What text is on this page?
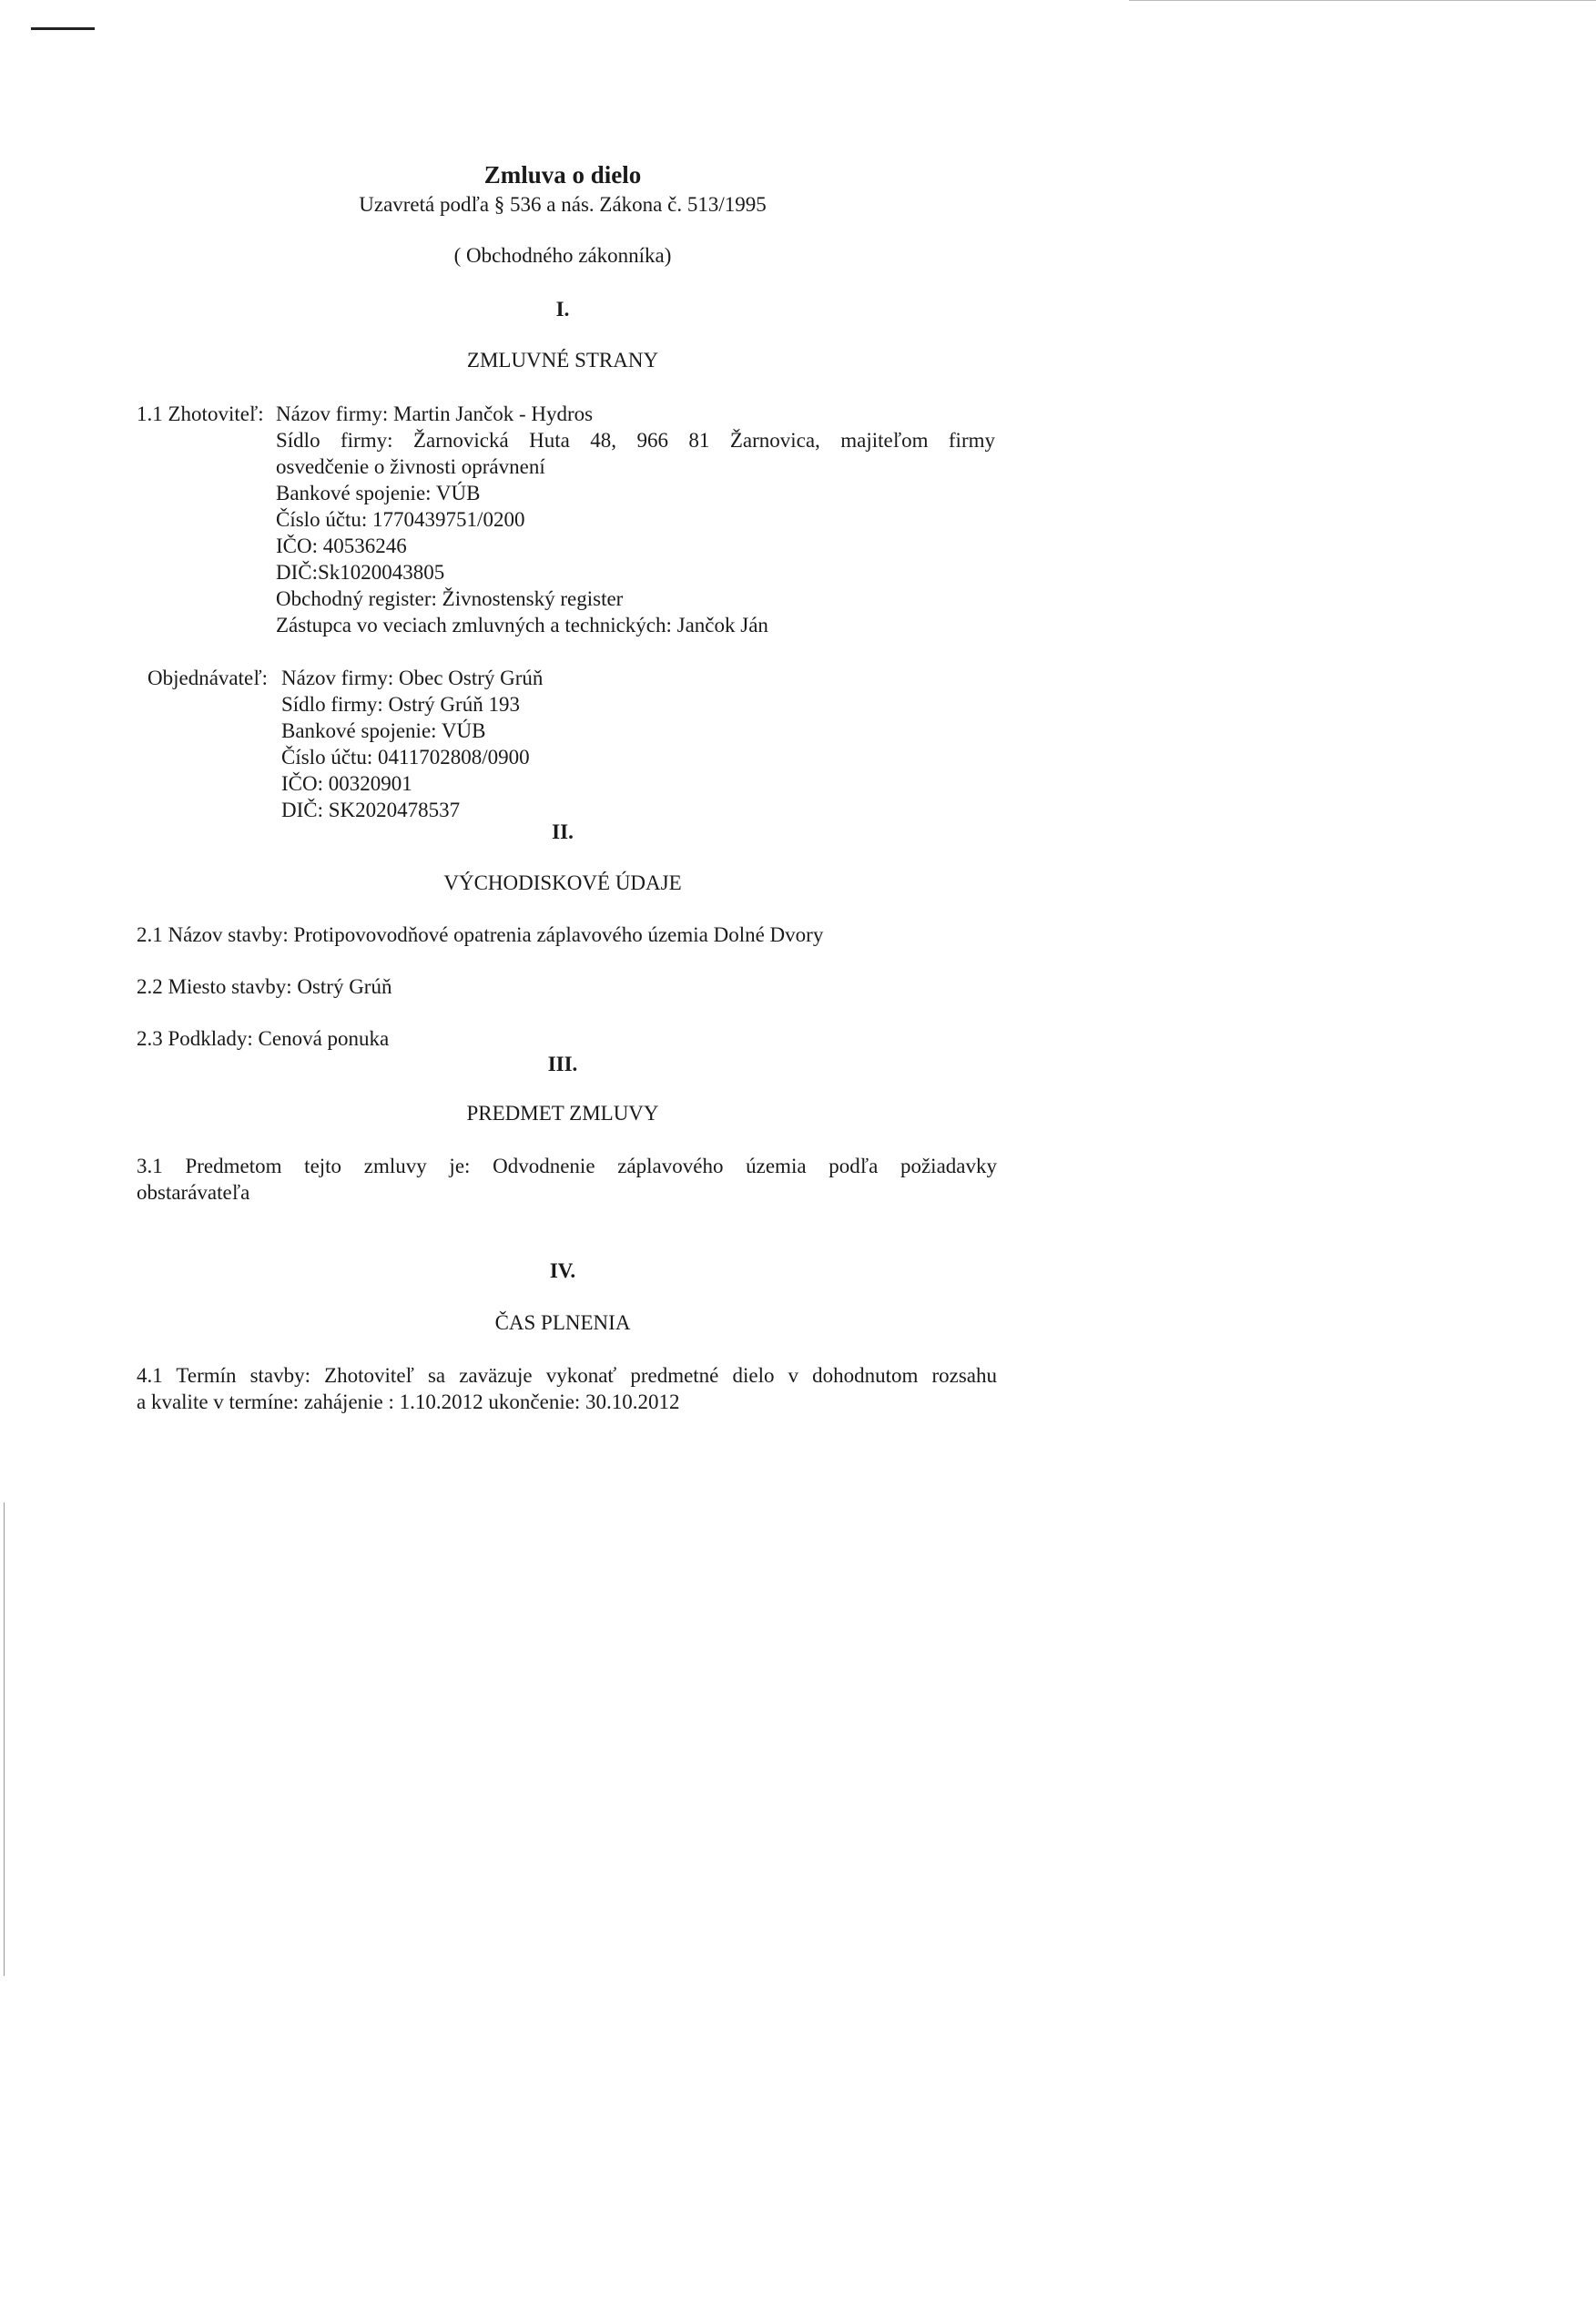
Zmluva o dielo
Uzavretá podľa § 536 a nás. Zákona č. 513/1995
( Obchodného zákonníka)
I.
ZMLUVNÉ STRANY
1.1 Zhotoviteľ: Názov firmy: Martin Jančok - Hydros
Sídlo firmy: Žarnovická Huta 48, 966 81 Žarnovica, majiteľom firmy
osvedčenie o živnosti oprávnení
Bankové spojenie: VÚB
Číslo účtu: 1770439751/0200
IČO: 40536246
DIČ:Sk1020043805
Obchodný register: Živnostenský register
Zástupca vo veciach zmluvných a technických: Jančok Ján
Objednávateľ: Názov firmy: Obec Ostrý Grúň
Sídlo firmy: Ostrý Grúň 193
Bankové spojenie: VÚB
Číslo účtu: 0411702808/0900
IČO: 00320901
DIČ: SK2020478537
II.
VÝCHODISKOVÉ ÚDAJE
2.1 Názov stavby: Protipovovodňové opatrenia záplavového územia Dolné Dvory
2.2 Miesto stavby: Ostrý Grúň
2.3 Podklady: Cenová ponuka
III.
PREDMET ZMLUVY
3.1 Predmetom tejto zmluvy je: Odvodnenie záplavového územia podľa požiadavky
obstarávateľa
IV.
ČAS PLNENIA
4.1 Termín stavby: Zhotoviteľ sa zaväzuje vykonať predmetné dielo v dohodnutom rozsahu
a kvalite v termíne: zahájenie : 1.10.2012 ukončenie: 30.10.2012
